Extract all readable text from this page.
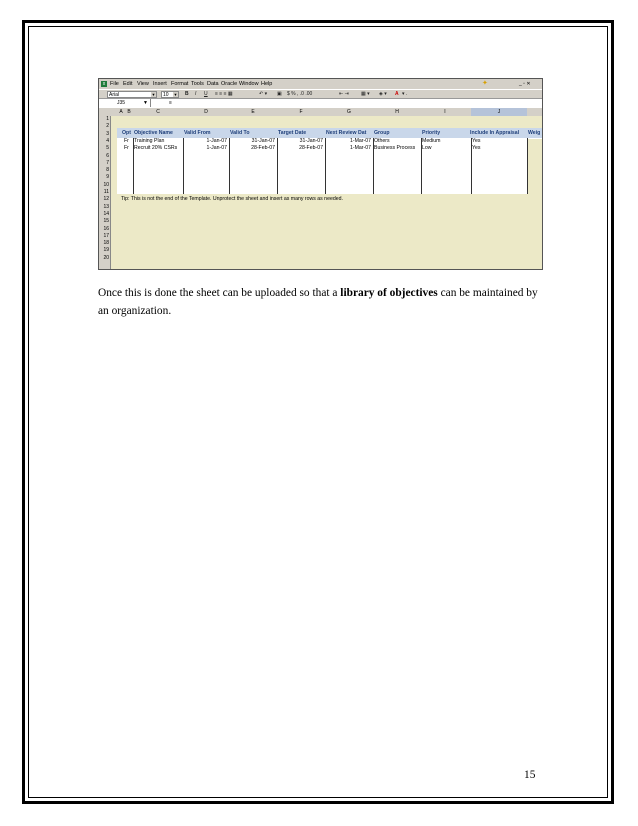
x File Edit View Insert Format Tools Data Oracle Window Help	✦	_ ▫ ✕
Arial	▼	10 ▼ B I U ≡ ≡ ≡ ▦	↶ ▾ ▣ $ % , .0 .00	⇤ ⇥ ▦ ▾ ◈ ▾ A ▾ .
J35	▼	≡
A B	C	D	E	F	G	H	I	J
1
2
3
4
5
6
7
8
9
10
11
12
13
14
15
16
17
18
19
20
Opt Objective Name	Valid From	Valid To	Target Date	Next Review Dat	Group	Priority	Include In Appraisal	Weig
Fr Training Plan	1-Jan-07	31-Jan-07	31-Jan-07	1-Mar-07 Others	Medium	Yes
Fr Recruit 20% CSRs	1-Jan-07	28-Feb-07	28-Feb-07	1-Mar-07 Business Process	Low	Yes
Tip: This is not the end of the Template. Unprotect the sheet and insert as many rows as needed.

Once this is done the sheet can be uploaded so that a library of objectives can be maintained by an organization.

15
